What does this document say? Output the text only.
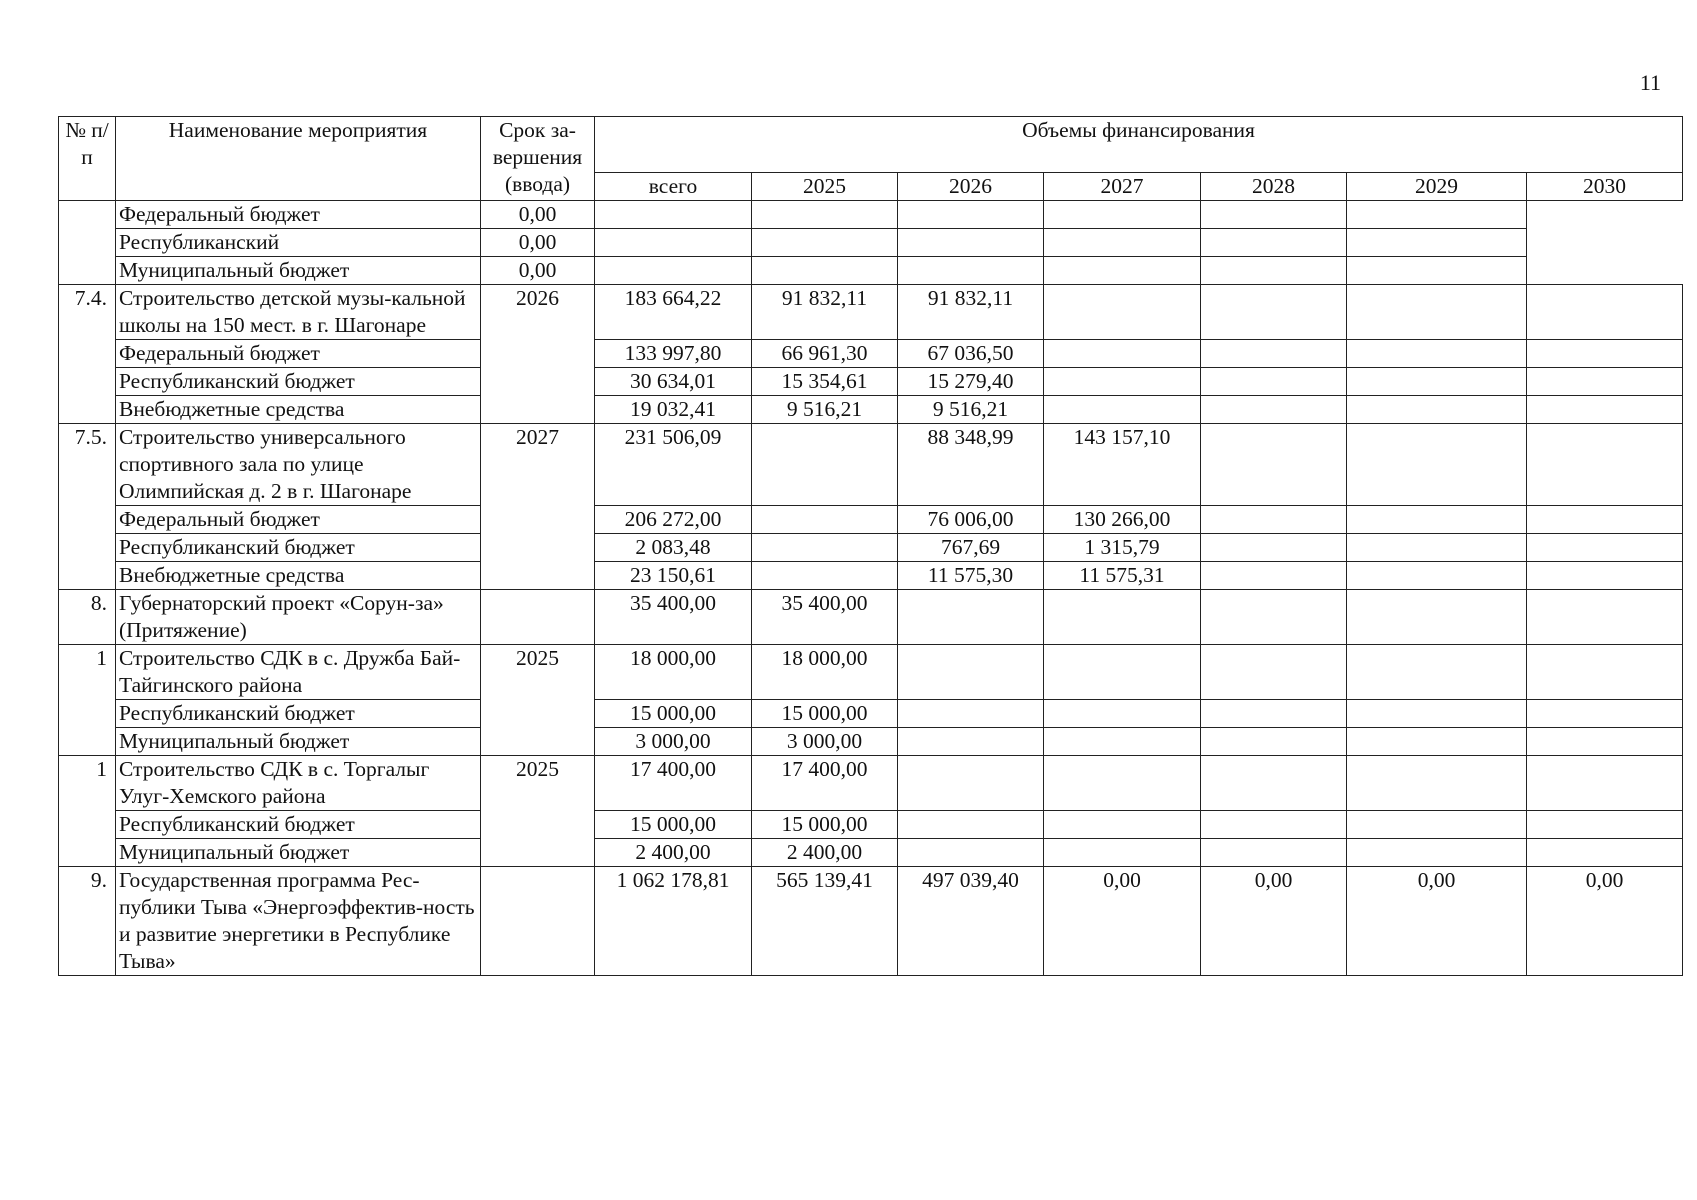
11
№ п/п	Наименование мероприятия	Срок за-вершения (ввода)	Объемы финансирования						
			всего	2025	2026	2027	2028	2029	2030
	Федеральный бюджет	0,00							
	Республиканский	0,00							
	Муниципальный бюджет	0,00							
7.4.	Строительство детской музы-кальной школы на 150 мест. в г. Шагонаре	2026	183 664,22	91 832,11	91 832,11				
	Федеральный бюджет		133 997,80	66 961,30	67 036,50				
	Республиканский бюджет		30 634,01	15 354,61	15 279,40				
	Внебюджетные средства		19 032,41	9 516,21	9 516,21				
7.5.	Строительство универсального спортивного зала по улице Олимпийская д. 2 в г. Шагонаре	2027	231 506,09		88 348,99	143 157,10			
	Федеральный бюджет		206 272,00		76 006,00	130 266,00			
	Республиканский бюджет		2 083,48		767,69	1 315,79			
	Внебюджетные средства		23 150,61		11 575,30	11 575,31			
8.	Губернаторский проект «Сорун-за» (Притяжение)		35 400,00	35 400,00					
1	Строительство СДК в с. Дружба Бай-Тайгинского района	2025	18 000,00	18 000,00					
	Республиканский бюджет		15 000,00	15 000,00					
	Муниципальный бюджет		3 000,00	3 000,00					
1	Строительство СДК в с. Торгалыг Улуг-Хемского района	2025	17 400,00	17 400,00					
	Республиканский бюджет		15 000,00	15 000,00					
	Муниципальный бюджет		2 400,00	2 400,00					
9.	Государственная программа Рес-публики Тыва «Энергоэффектив-ность и развитие энергетики в Республике Тыва»		1 062 178,81	565 139,41	497 039,40	0,00	0,00	0,00	0,00
